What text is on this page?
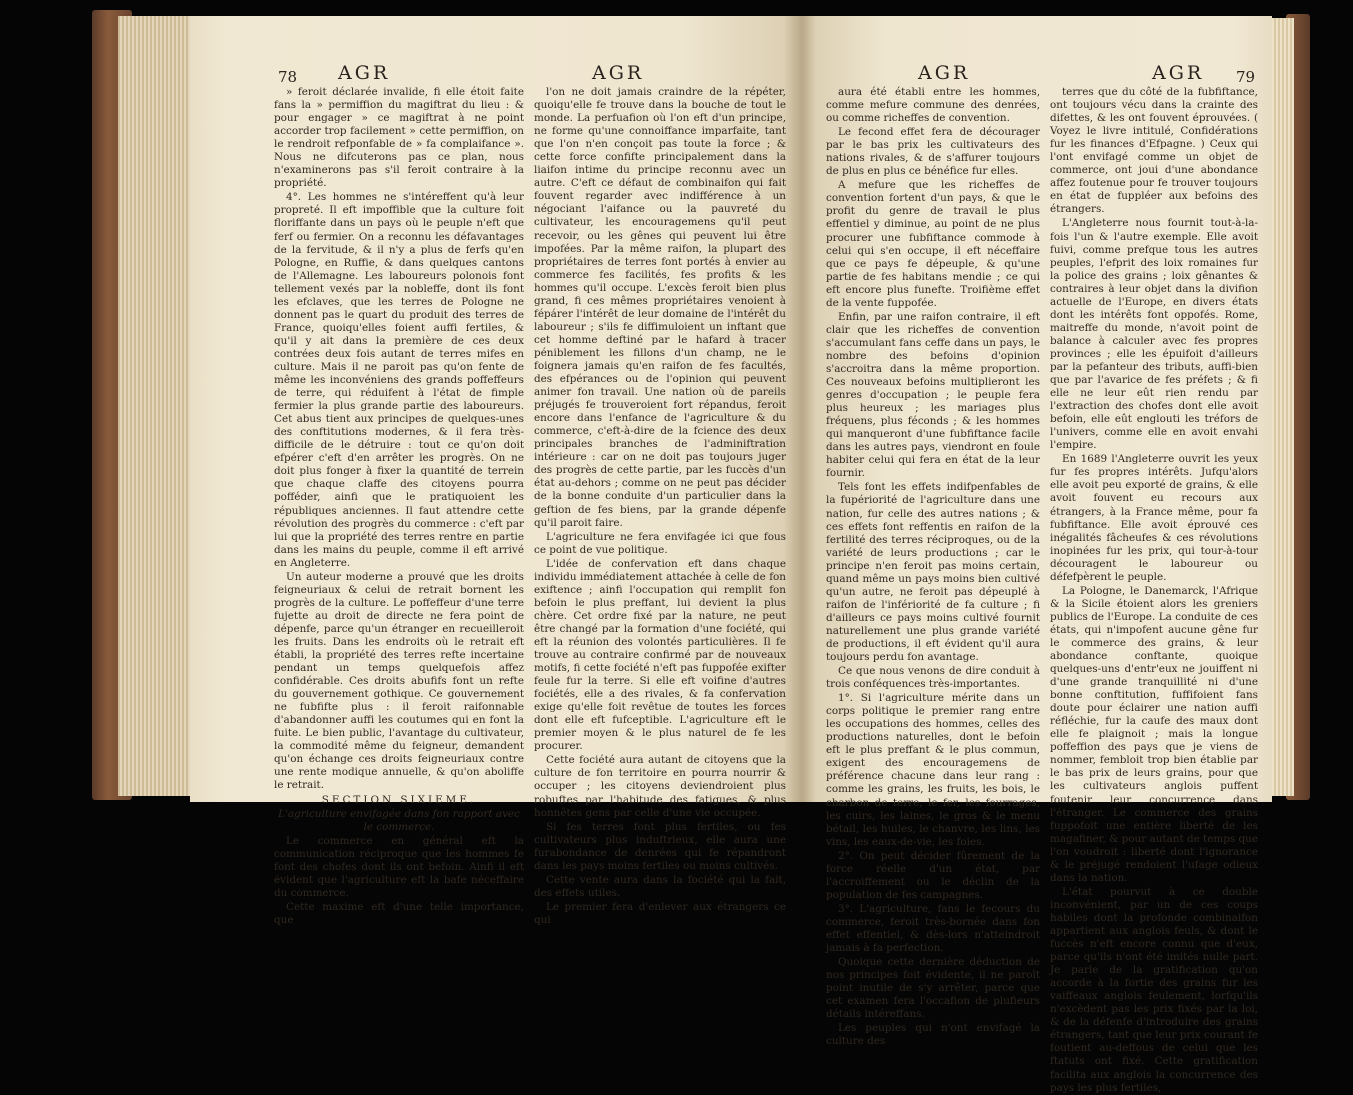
78 AGR	AGR

» feroit déclarée invalide, fi elle étoit faite fans la » permiffion du magiftrat du lieu : & pour engager » ce magiftrat à ne point accorder trop facilement » cette permiffion, on le rendroit refponfable de » fa complaifance ». Nous ne difcuterons pas ce plan, nous n'examinerons pas s'il feroit contraire à la propriété.

4°. Les hommes ne s'intéreffent qu'à leur propreté. Il eft impoffible que la culture foit floriffante dans un pays où le peuple n'eft que ferf ou fermier. On a reconnu les défavantages de la fervitude, & il n'y a plus de ferfs qu'en Pologne, en Ruffie, & dans quelques cantons de l'Allemagne. Les laboureurs polonois font tellement vexés par la nobleffe, dont ils font les efclaves, que les terres de Pologne ne donnent pas le quart du produit des terres de France, quoiqu'elles foient auffi fertiles, & qu'il y ait dans la première de ces deux contrées deux fois autant de terres mifes en culture. Mais il ne paroit pas qu'on fente de même les inconvéniens des grands poffeffeurs de terre, qui réduifent à l'état de fimple fermier la plus grande partie des laboureurs. Cet abus tient aux principes de quelques-unes des conftitutions modernes, & il fera très-difficile de le détruire : tout ce qu'on doit efpérer c'eft d'en arrêter les progrès. On ne doit plus fonger à fixer la quantité de terrein que chaque claffe des citoyens pourra pofféder, ainfi que le pratiquoient les républiques anciennes. Il faut attendre cette révolution des progrès du commerce : c'eft par lui que la propriété des terres rentre en partie dans les mains du peuple, comme il eft arrivé en Angleterre.

Un auteur moderne a prouvé que les droits feigneuriaux & celui de retrait bornent les progrès de la culture. Le poffeffeur d'une terre fujette au droit de directe ne fera point de dépenfe, parce qu'un étranger en recueilleroit les fruits. Dans les endroits où le retrait eft établi, la propriété des terres refte incertaine pendant un temps quelquefois affez confidérable. Ces droits abufifs font un refte du gouvernement gothique. Ce gouvernement ne fubfifte plus : il feroit raifonnable d'abandonner auffi les coutumes qui en font la fuite. Le bien public, l'avantage du cultivateur, la commodité même du feigneur, demandent qu'on échange ces droits feigneuriaux contre une rente modique annuelle, & qu'on aboliffe le retrait.

SECTION SIXIEME.

L'agriculture envifagée dans fon rapport avec le commerce.

Le commerce en général eft la communication réciproque que les hommes fe font des chofes dont ils ont befoin. Ainfi il eft évident que l'agriculture eft la bafe néceffaire du commerce.

Cette maxime eft d'une telle importance, que

l'on ne doit jamais craindre de la répéter, quoiqu'elle fe trouve dans la bouche de tout le monde. La perfuafion où l'on eft d'un principe, ne forme qu'une connoiffance imparfaite, tant que l'on n'en conçoit pas toute la force ; & cette force confifte principalement dans la liaifon intime du principe reconnu avec un autre. C'eft ce défaut de combinaifon qui fait fouvent regarder avec indifférence à un négociant l'aifance ou la pauvreté du cultivateur, les encouragemens qu'il peut recevoir, ou les gênes qui peuvent lui être impofées. Par la même raifon, la plupart des propriétaires de terres font portés à envier au commerce fes facilités, fes profits & les hommes qu'il occupe. L'excès feroit bien plus grand, fi ces mêmes propriétaires venoient à fépárer l'intérêt de leur domaine de l'intérêt du laboureur ; s'ils fe diffimuloient un inftant que cet homme deftiné par le hafard à tracer péniblement les fillons d'un champ, ne le foignera jamais qu'en raifon de fes facultés, des efpérances ou de l'opinion qui peuvent animer fon travail. Une nation où de pareils préjugés fe trouveroient fort répandus, feroit encore dans l'enfance de l'agriculture & du commerce, c'eft-à-dire de la fcience des deux principales branches de l'adminiftration intérieure : car on ne doit pas toujours juger des progrès de cette partie, par les fuccès d'un état au-dehors ; comme on ne peut pas décider de la bonne conduite d'un particulier dans la geftion de fes biens, par la grande dépenfe qu'il paroit faire.

L'agriculture ne fera envifagée ici que fous ce point de vue politique.

L'idée de confervation eft dans chaque individu immédiatement attachée à celle de fon exiftence ; ainfi l'occupation qui remplit fon befoin le plus preffant, lui devient la plus chère. Cet ordre fixé par la nature, ne peut être changé par la formation d'une fociété, qui eft la réunion des volontés particulières. Il fe trouve au contraire confirmé par de nouveaux motifs, fi cette fociété n'eft pas fuppofée exifter feule fur la terre. Si elle eft voifine d'autres fociétés, elle a des rivales, & fa confervation exige qu'elle foit revêtue de toutes les forces dont elle eft fufceptible. L'agriculture eft le premier moyen & le plus naturel de fe les procurer.

Cette fociété aura autant de citoyens que la culture de fon territoire en pourra nourrir & occuper ; les citoyens deviendroient plus robuftes par l'habitude des fatigues, & plus honnêtes gens par celle d'une vie occupée.

Si fes terres font plus fertiles, ou fes cultivateurs plus induftrieux, elle aura une furabondance de denrées qui fe répandront dans les pays moins fertiles ou moins cultivés.

Cette vente aura dans la fociété qui la fait, des effets utiles.

Le premier fera d'enlever aux étrangers ce qui

AGR	AGR 79

aura été établi entre les hommes, comme mefure commune des denrées, ou comme richeffes de convention.

Le fecond effet fera de décourager par le bas prix les cultivateurs des nations rivales, & de s'affurer toujours de plus en plus ce bénéfice fur elles.

A mefure que les richeffes de convention fortent d'un pays, & que le profit du genre de travail le plus effentiel y diminue, au point de ne plus procurer une fubfiftance commode à celui qui s'en occupe, il eft néceffaire que ce pays fe dépeuple, & qu'une partie de fes habitans mendie ; ce qui eft encore plus funefte. Troifième effet de la vente fuppofée.

Enfin, par une raifon contraire, il eft clair que les richeffes de convention s'accumulant fans ceffe dans un pays, le nombre des befoins d'opinion s'accroitra dans la même proportion. Ces nouveaux befoins multiplieront les genres d'occupation ; le peuple fera plus heureux ; les mariages plus fréquens, plus féconds ; & les hommes qui manqueront d'une fubfiftance facile dans les autres pays, viendront en foule habiter celui qui fera en état de la leur fournir.

Tels font les effets indifpenfables de la fupériorité de l'agriculture dans une nation, fur celle des autres nations ; & ces effets font reffentis en raifon de la fertilité des terres réciproques, ou de la variété de leurs productions ; car le principe n'en feroit pas moins certain, quand même un pays moins bien cultivé qu'un autre, ne feroit pas dépeuplé à raifon de l'infériorité de fa culture ; fi d'ailleurs ce pays moins cultivé fournit naturellement une plus grande variété de productions, il eft évident qu'il aura toujours perdu fon avantage.

Ce que nous venons de dire conduit à trois conféquences très-importantes.

1°. Si l'agriculture mérite dans un corps politique le premier rang entre les occupations des hommes, celles des productions naturelles, dont le befoin eft le plus preffant & le plus commun, exigent des encouragemens de préférence chacune dans leur rang : comme les grains, les fruits, les bois, le charbon de terre, le fer, les fourrages, les cuirs, les laines, le gros & le menu bétail, les huiles, le chanvre, les lins, les vins, les eaux-de-vie, les foies.

2°. On peut décider fûrement de la force réelle d'un état, par l'accroiffement ou le déclin de la population de fes campagnes.

3°. L'agriculture, fans le fecours du commerce, feroit très-bornée dans fon effet effentiel, & dès-lors n'atteindroit jamais à fa perfection.

Quoique cette dernière déduction de nos principes foit évidente, il ne paroît point inutile de s'y arrêter, parce que cet examen fera l'occafion de plufieurs détails intéreffans.

Les peuples qui n'ont envifagé la culture des

terres que du côté de la fubfiftance, ont toujours vécu dans la crainte des difettes, & les ont fouvent éprouvées. ( Voyez le livre intitulé, Confidérations fur les finances d'Efpagne. ) Ceux qui l'ont envifagé comme un objet de commerce, ont joui d'une abondance affez foutenue pour fe trouver toujours en état de fuppléer aux befoins des étrangers.

L'Angleterre nous fournit tout-à-la-fois l'un & l'autre exemple. Elle avoit fuivi, comme prefque tous les autres peuples, l'efprit des loix romaines fur la police des grains ; loix gênantes & contraires à leur objet dans la divifion actuelle de l'Europe, en divers états dont les intérêts font oppofés. Rome, maitreffe du monde, n'avoit point de balance à calculer avec fes propres provinces ; elle les épuifoit d'ailleurs par la pefanteur des tributs, auffi-bien que par l'avarice de fes préfets ; & fi elle ne leur eût rien rendu par l'extraction des chofes dont elle avoit befoin, elle eût englouti les tréfors de l'univers, comme elle en avoit envahi l'empire.

En 1689 l'Angleterre ouvrit les yeux fur fes propres intérêts. Jufqu'alors elle avoit peu exporté de grains, & elle avoit fouvent eu recours aux étrangers, à la France même, pour fa fubfiftance. Elle avoit éprouvé ces inégalités fâcheufes & ces révolutions inopinées fur les prix, qui tour-à-tour découragent le laboureur ou défefpèrent le peuple.

La Pologne, le Danemarck, l'Afrique & la Sicile étoient alors les greniers publics de l'Europe. La conduite de ces états, qui n'impofent aucune gêne fur le commerce des grains, & leur abondance conftante, quoique quelques-uns d'entr'eux ne jouiffent ni d'une grande tranquillité ni d'une bonne conftitution, fuffifoient fans doute pour éclairer une nation auffi réfléchie, fur la caufe des maux dont elle fe plaignoit ; mais la longue poffeffion des pays que je viens de nommer, fembloit trop bien établie par le bas prix de leurs grains, pour que les cultivateurs anglois puffent foutenir leur concurrence dans l'étranger. Le commerce des grains fuppofoit une entière liberté de les magafiner, & pour autant de temps que l'on voudroit : liberté dont l'ignorance & le préjugé rendoient l'ufage odieux dans la nation.

L'état pourvut à ce double inconvénient, par un de ces coups habiles dont la profonde combinaifon appartient aux anglois feuls, & dont le fuccès n'eft encore connu que d'eux, parce qu'ils n'ont été imités nulle part. Je parle de la gratification qu'on accorde à la fortie des grains fur les vaiffeaux anglois feulement, lorfqu'ils n'excèdent pas les prix fixés par la loi, & de la défenfe d'introduire des grains étrangers, tant que leur prix courant fe foutient au-deffous de celui que les ftatuts ont fixé. Cette gratification facilita aux anglois la concurrence des pays les plus fertiles,
